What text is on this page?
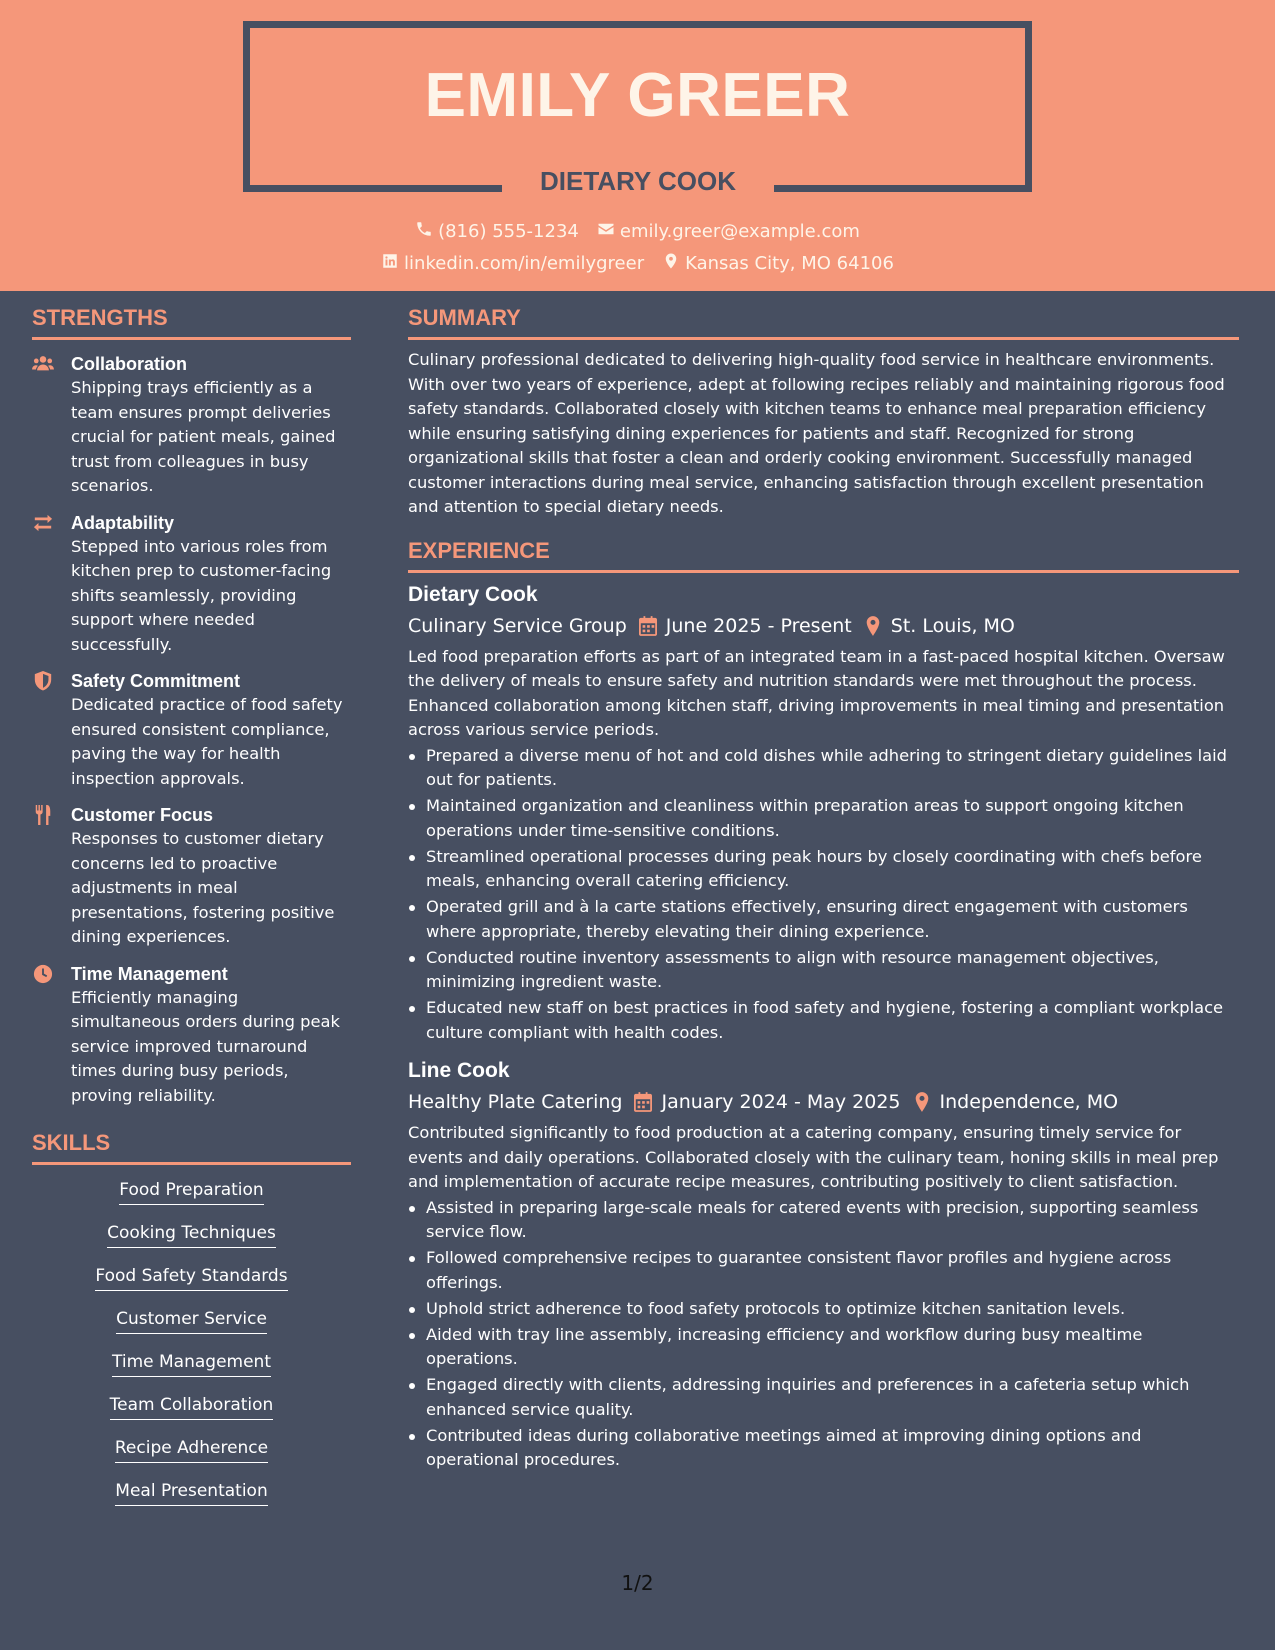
EMILY GREER
DIETARY COOK
(816) 555-1234 emily.greer@example.com
linkedin.com/in/emilygreer Kansas City, MO 64106
STRENGTHS
Collaboration
Shipping trays efficiently as a team ensures prompt deliveries crucial for patient meals, gained trust from colleagues in busy scenarios.
Adaptability
Stepped into various roles from kitchen prep to customer-facing shifts seamlessly, providing support where needed successfully.
Safety Commitment
Dedicated practice of food safety ensured consistent compliance, paving the way for health inspection approvals.
Customer Focus
Responses to customer dietary concerns led to proactive adjustments in meal presentations, fostering positive dining experiences.
Time Management
Efficiently managing simultaneous orders during peak service improved turnaround times during busy periods, proving reliability.
SKILLS
Food Preparation
Cooking Techniques
Food Safety Standards
Customer Service
Time Management
Team Collaboration
Recipe Adherence
Meal Presentation
SUMMARY

Culinary professional dedicated to delivering high-quality food service in healthcare environments. With over two years of experience, adept at following recipes reliably and maintaining rigorous food safety standards. Collaborated closely with kitchen teams to enhance meal preparation efficiency while ensuring satisfying dining experiences for patients and staff. Recognized for strong organizational skills that foster a clean and orderly cooking environment. Successfully managed customer interactions during meal service, enhancing satisfaction through excellent presentation and attention to special dietary needs.

EXPERIENCE
Dietary Cook
Culinary Service Group June 2025 - Present St. Louis, MO

Led food preparation efforts as part of an integrated team in a fast-paced hospital kitchen. Oversaw the delivery of meals to ensure safety and nutrition standards were met throughout the process. Enhanced collaboration among kitchen staff, driving improvements in meal timing and presentation across various service periods.

Prepared a diverse menu of hot and cold dishes while adhering to stringent dietary guidelines laid out for patients.
Maintained organization and cleanliness within preparation areas to support ongoing kitchen operations under time-sensitive conditions.
Streamlined operational processes during peak hours by closely coordinating with chefs before meals, enhancing overall catering efficiency.
Operated grill and à la carte stations effectively, ensuring direct engagement with customers where appropriate, thereby elevating their dining experience.
Conducted routine inventory assessments to align with resource management objectives, minimizing ingredient waste.
Educated new staff on best practices in food safety and hygiene, fostering a compliant workplace culture compliant with health codes.
Line Cook
Healthy Plate Catering January 2024 - May 2025 Independence, MO

Contributed significantly to food production at a catering company, ensuring timely service for events and daily operations. Collaborated closely with the culinary team, honing skills in meal prep and implementation of accurate recipe measures, contributing positively to client satisfaction.

Assisted in preparing large-scale meals for catered events with precision, supporting seamless service flow.
Followed comprehensive recipes to guarantee consistent flavor profiles and hygiene across offerings.
Uphold strict adherence to food safety protocols to optimize kitchen sanitation levels.
Aided with tray line assembly, increasing efficiency and workflow during busy mealtime operations.
Engaged directly with clients, addressing inquiries and preferences in a cafeteria setup which enhanced service quality.
Contributed ideas during collaborative meetings aimed at improving dining options and operational procedures.
1/2
